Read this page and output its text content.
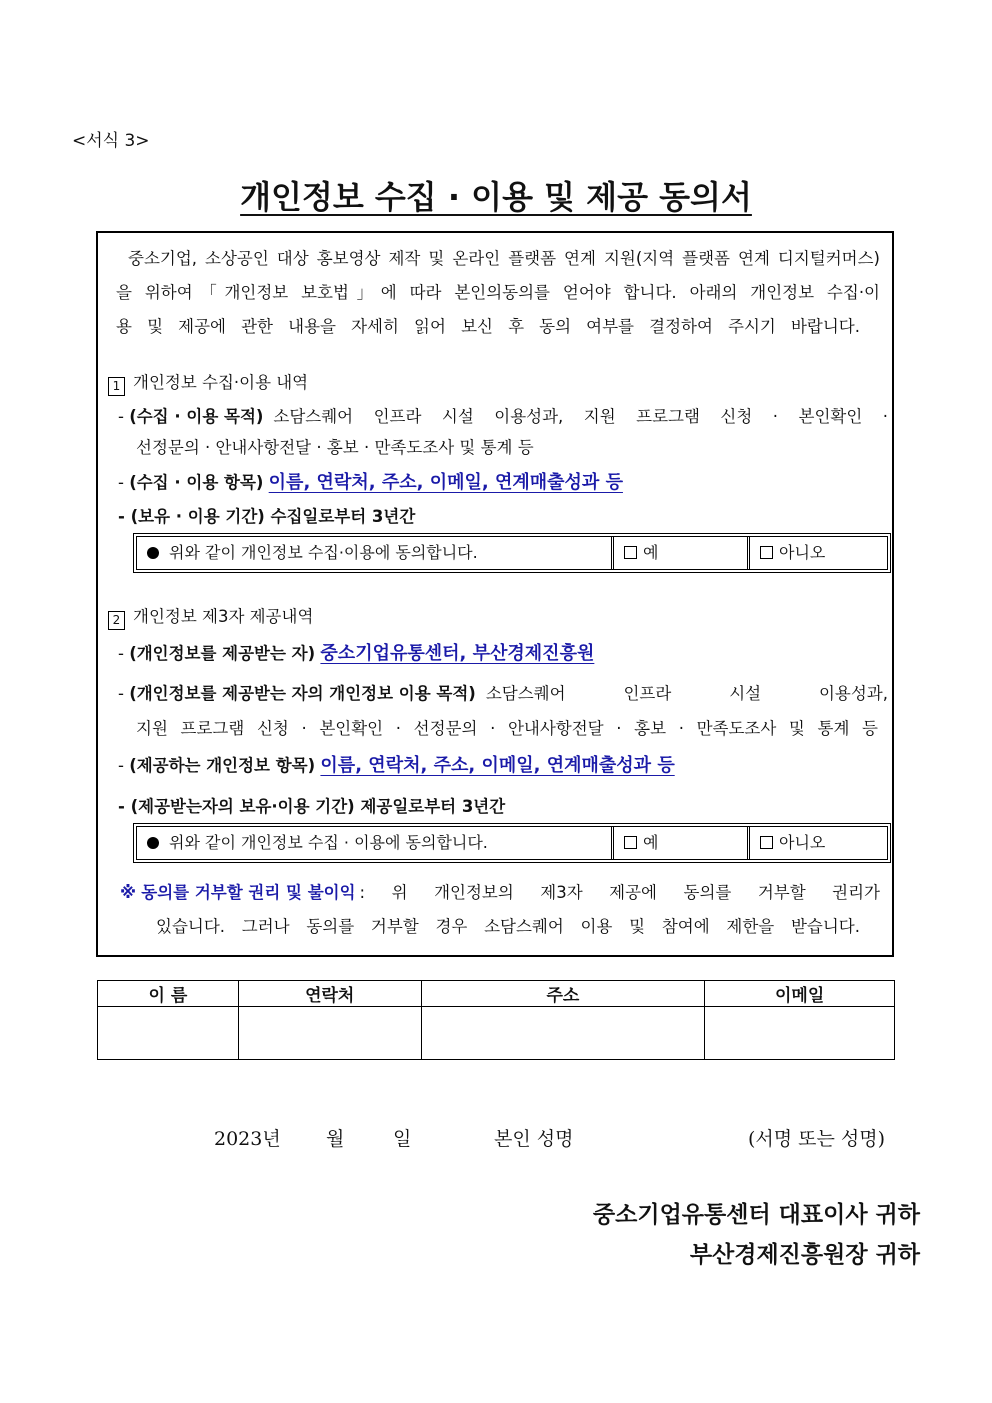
<서식 3>
개인정보 수집 · 이용 및 제공 동의서
중소기업, 소상공인 대상 홍보영상 제작 및 온라인 플랫폼 연계 지원(지역 플랫폼 연계 디지털커머스)
을 위하여「개인정보 보호법」에 따라 본인의동의를 얻어야 합니다. 아래의 개인정보 수집·이
용 및 제공에 관한 내용을 자세히 읽어 보신 후 동의 여부를 결정하여 주시기 바랍니다.
1 개인정보 수집·이용 내역
- (수집 · 이용 목적) 소담스퀘어 인프라 시설 이용성과, 지원 프로그램 신청 · 본인확인 ·
선정문의 · 안내사항전달 · 홍보 · 만족도조사 및 통계 등
- (수집 · 이용 항목) 이름, 연락처, 주소, 이메일, 연계매출성과 등
- (보유 · 이용 기간) 수집일로부터 3년간
위와 같이 개인정보 수집·이용에 동의합니다.	예	아니오
2 개인정보 제3자 제공내역
- (개인정보를 제공받는 자) 중소기업유통센터, 부산경제진흥원
- (개인정보를 제공받는 자의 개인정보 이용 목적) 소담스퀘어 인프라 시설 이용성과,
지원 프로그램 신청 · 본인확인 · 선정문의 · 안내사항전달 · 홍보 · 만족도조사 및 통계 등
- (제공하는 개인정보 항목) 이름, 연락처, 주소, 이메일, 연계매출성과 등
- (제공받는자의 보유·이용 기간) 제공일로부터 3년간
위와 같이 개인정보 수집 · 이용에 동의합니다.	예	아니오
※ 동의를 거부할 권리 및 불이익 : 위 개인정보의 제3자 제공에 동의를 거부할 권리가
있습니다. 그러나 동의를 거부할 경우 소담스퀘어 이용 및 참여에 제한을 받습니다.
이 름	연락처	주소	이메일

2023년 월	일	본인 성명	(서명 또는 성명)
중소기업유통센터 대표이사 귀하
부산경제진흥원장 귀하
